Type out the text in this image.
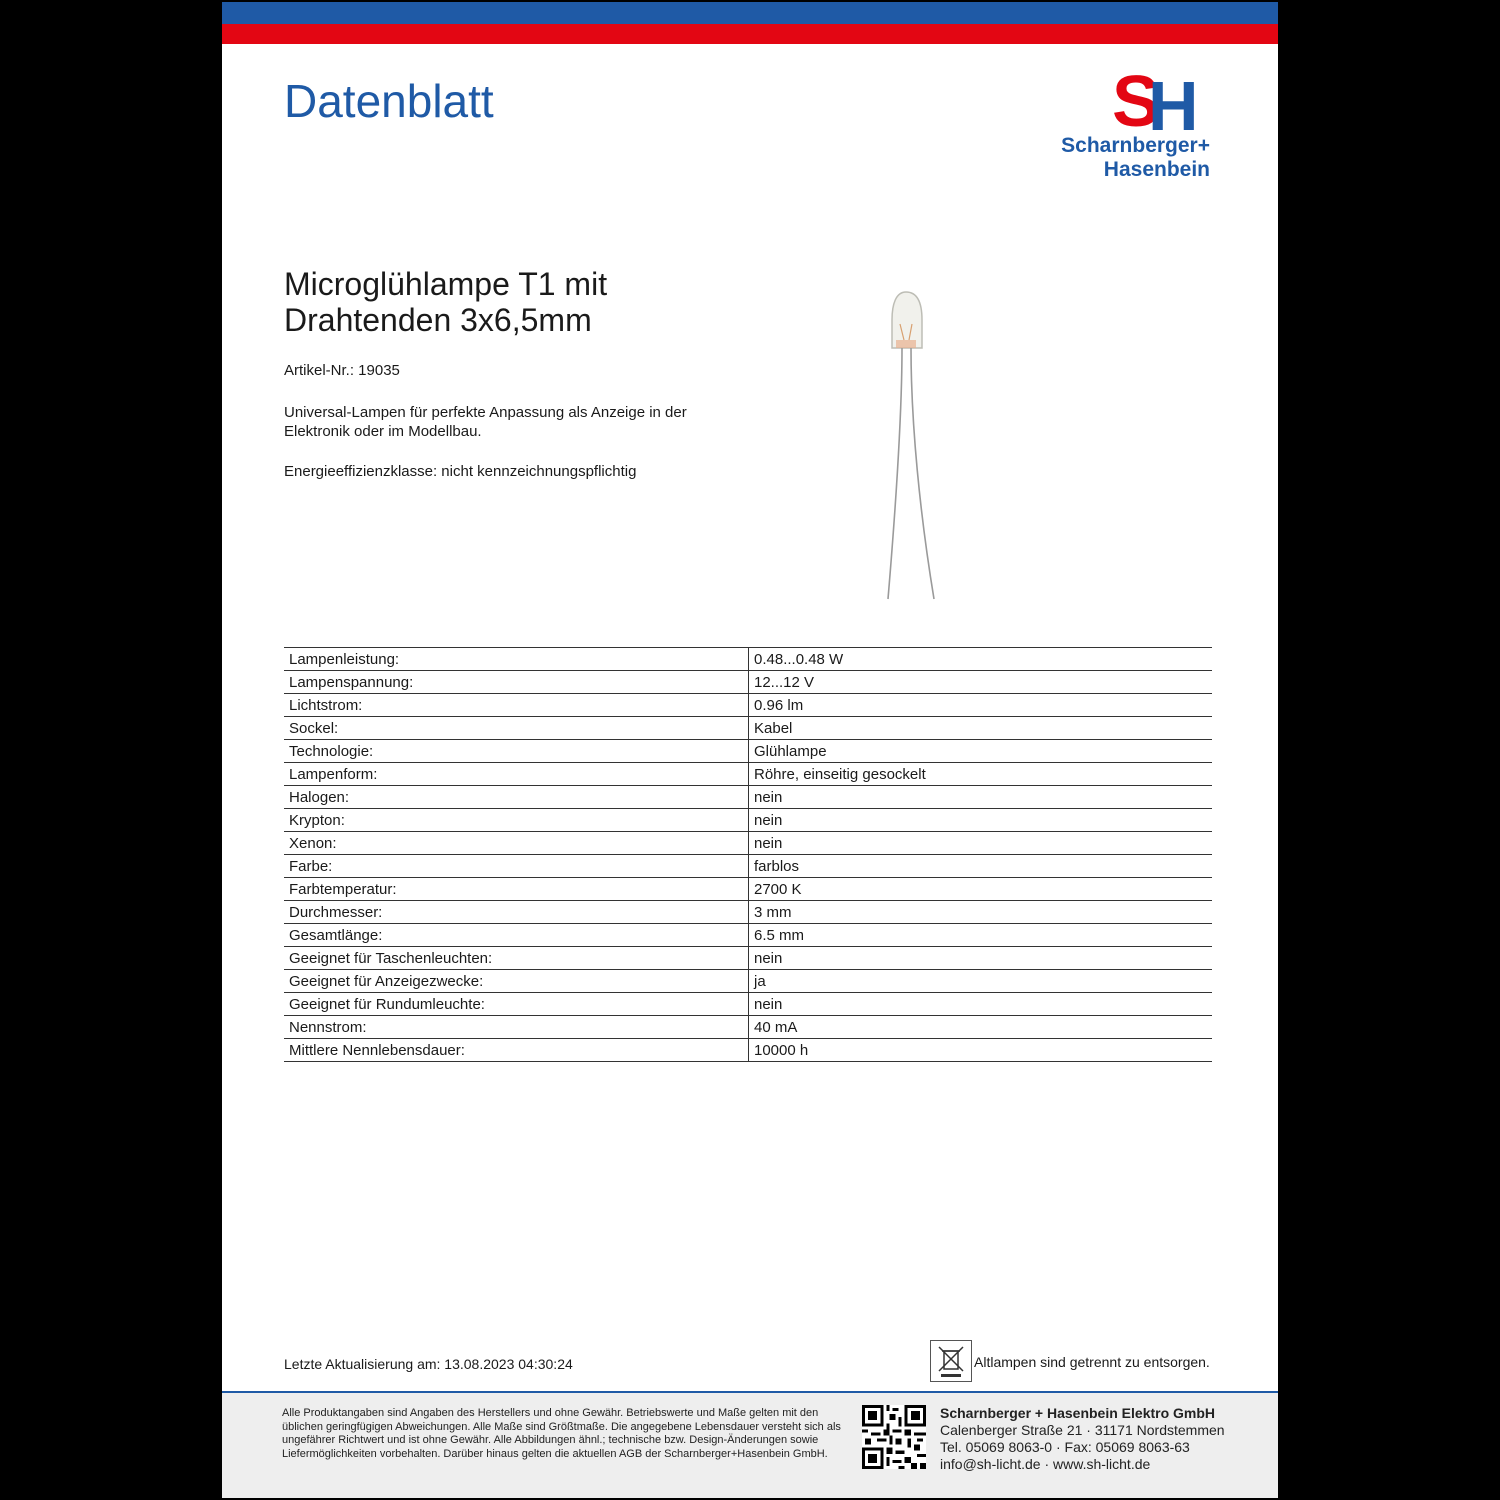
Datenblatt	S
H
Scharnberger+
Hasenbein
Microglühlampe T1 mit Drahtenden 3x6,5mm
Artikel-Nr.: 19035
Universal-Lampen für perfekte Anpassung als Anzeige in der Elektronik oder im Modellbau.
Energieeffizienzklasse: nicht kennzeichnungspflichtig
Lampenleistung:	0.48...0.48 W
Lampenspannung:	12...12 V
Lichtstrom:	0.96 lm
Sockel:	Kabel
Technologie:	Glühlampe
Lampenform:	Röhre, einseitig gesockelt
Halogen:	nein
Krypton:	nein
Xenon:	nein
Farbe:	farblos
Farbtemperatur:	2700 K
Durchmesser:	3 mm
Gesamtlänge:	6.5 mm
Geeignet für Taschenleuchten:	nein
Geeignet für Anzeigezwecke:	ja
Geeignet für Rundumleuchte:	nein
Nennstrom:	40 mA
Mittlere Nennlebensdauer:	10000 h
Letzte Aktualisierung am: 13.08.2023 04:30:24	Altlampen sind getrennt zu entsorgen.
Alle Produktangaben sind Angaben des Herstellers und ohne Gewähr. Betriebswerte und Maße gelten mit den üblichen geringfügigen Abweichungen. Alle Maße sind Größtmaße. Die angegebene Lebensdauer versteht sich als ungefährer Richtwert und ist ohne Gewähr. Alle Abbildungen ähnl.; technische bzw. Design-Änderungen sowie Liefermöglichkeiten vorbehalten. Darüber hinaus gelten die aktuellen AGB der Scharnberger+Hasenbein GmbH.
Scharnberger + Hasenbein Elektro GmbH
Calenberger Straße 21 · 31171 Nordstemmen
Tel. 05069 8063-0 · Fax: 05069 8063-63
info@sh-licht.de · www.sh-licht.de
